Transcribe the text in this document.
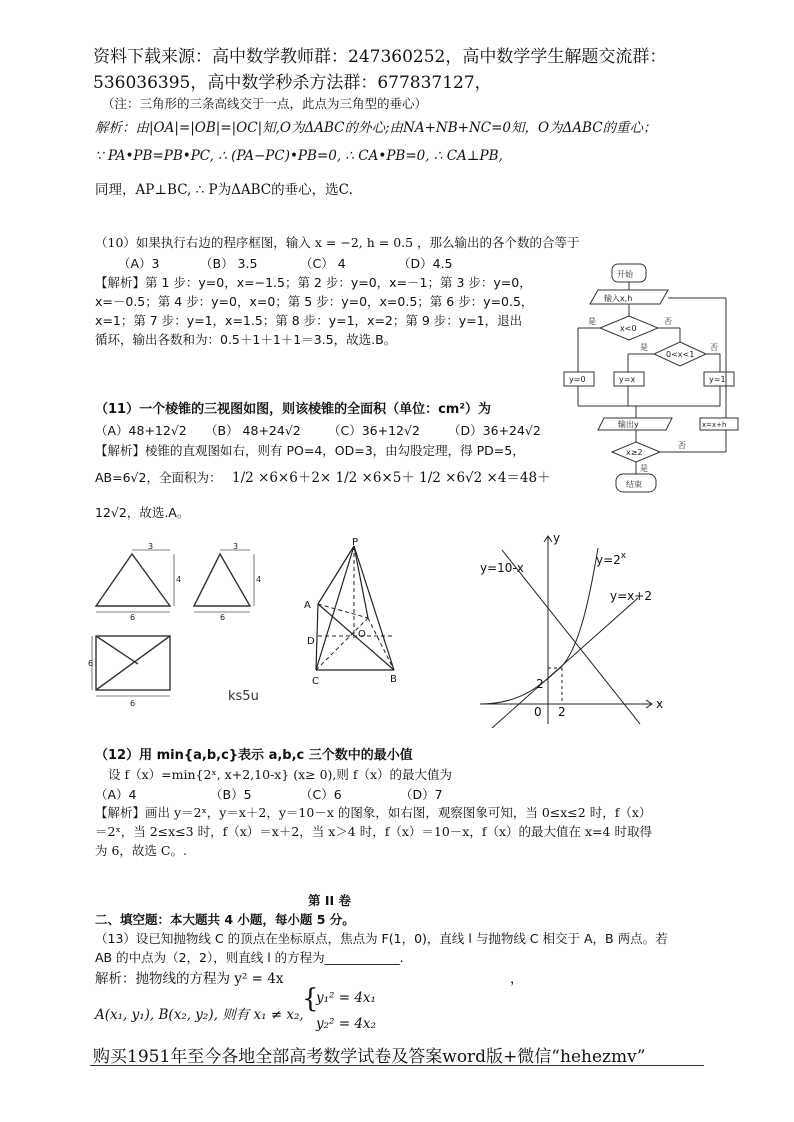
资料下载来源：高中数学教师群：247360252，高中数学学生解题交流群：
536036395，高中数学秒杀方法群：677837127，
（注：三角形的三条高线交于一点，此点为三角型的垂心）
解析：由|OA|=|OB|=|OC|知,O为ΔABC的外心;由NA+NB+NC=0知，O为ΔABC的重心；
∵ PA•PB=PB•PC, ∴ (PA−PC)•PB=0, ∴ CA•PB=0, ∴ CA⊥PB,
同理，AP⊥BC, ∴ P为ΔABC的垂心，选C.
（10）如果执行右边的程序框图，输入 x = −2, h = 0.5 ，那么输出的各个数的合等于
（A）3	（B） 3.5	（C） 4	（D）4.5
【解析】第 1 步：y=0，x=−1.5；第 2 步：y=0，x=－1；第 3 步：y=0，
x=－0.5；第 4 步：y=0，x=0；第 5 步：y=0，x=0.5；第 6 步：y=0.5，
x=1；第 7 步：y=1，x=1.5；第 8 步：y=1，x=2；第 9 步：y=1，退出
循环，输出各数和为：0.5＋1＋1＋1＝3.5，故选.B。
开始
输入x,h
x<0
是	否
0<x<1
是	否
y=0	y=x	y=1
输出y
x≥2
否
是
x=x+h
结束
（11）一个棱锥的三视图如图，则该棱锥的全面积（单位：cm²）为
（A）48+12√2 （B） 48+24√2 （C）36+12√2 （D）36+24√2
【解析】棱锥的直观图如右，则有 PO=4，OD=3，由勾股定理，得 PD=5，
AB=6√2，全面积为： 1/2 ×6×6＋2× 1/2 ×6×5＋ 1/2 ×6√2 ×4＝48＋
12√2，故选.A。
3
4
6
3
4
6
6
6	ks5u
P
A
D
O
C	B
y
x
0
2
2
y=10-x
$y=2^x$
y=x+2
（12）用 min{a,b,c}表示 a,b,c 三个数中的最小值
设 f（x）=min{2ˣ, x+2,10-x} (x≥ 0),则 f（x）的最大值为
（A）4	（B）5	（C）6	（D）7
【解析】画出 y＝2ˣ，y＝x＋2，y＝10－x 的图象，如右图，观察图象可知，当 0≤x≤2 时，f（x）
＝2ˣ，当 2≤x≤3 时，f（x）＝x＋2，当 x＞4 时，f（x）＝10－x，f（x）的最大值在 x=4 时取得
为 6，故选 C。.
第 II 卷
二、填空题：本大题共 4 小题，每小题 5 分。
（13）设已知抛物线 C 的顶点在坐标原点，焦点为 F(1，0)，直线 l 与抛物线 C 相交于 A，B 两点。若
AB 的中点为（2，2），则直线 l 的方程为____________.
解析：抛物线的方程为 y² = 4x	，
A(x₁, y₁), B(x₂, y₂), 则有 x₁ ≠ x₂,
{
y₁² = 4x₁
y₂² = 4x₂
购买1951年至今各地全部高考数学试卷及答案word版+微信“hehezmv”
